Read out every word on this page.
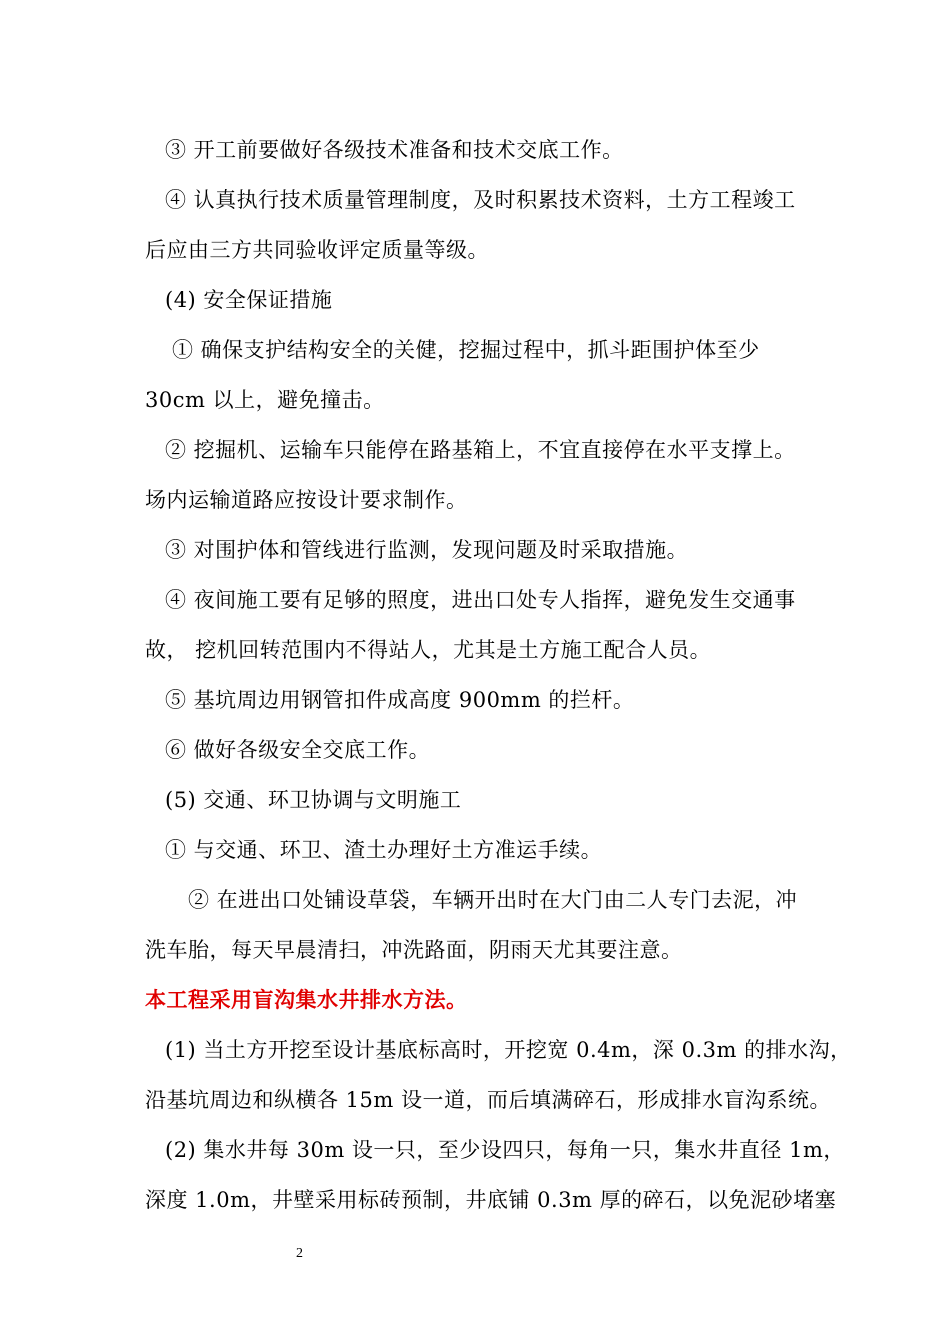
③ 开工前要做好各级技术准备和技术交底工作。
④ 认真执行技术质量管理制度，及时积累技术资料，土方工程竣工
后应由三方共同验收评定质量等级。
(4) 安全保证措施
① 确保支护结构安全的关健，挖掘过程中，抓斗距围护体至少
30cm 以上，避免撞击。
② 挖掘机、运输车只能停在路基箱上，不宜直接停在水平支撑上。
场内运输道路应按设计要求制作。
③ 对围护体和管线进行监测，发现问题及时采取措施。
④ 夜间施工要有足够的照度，进出口处专人指挥，避免发生交通事
故， 挖机回转范围内不得站人，尤其是土方施工配合人员。
⑤ 基坑周边用钢管扣件成高度 900mm 的拦杆。
⑥ 做好各级安全交底工作。
(5) 交通、环卫协调与文明施工
① 与交通、环卫、渣土办理好土方准运手续。
② 在进出口处铺设草袋，车辆开出时在大门由二人专门去泥，冲
洗车胎，每天早晨清扫，冲洗路面，阴雨天尤其要注意。
本工程采用盲沟集水井排水方法。
(1) 当土方开挖至设计基底标高时，开挖宽 0.4m，深 0.3m 的排水沟，
沿基坑周边和纵横各 15m 设一道，而后填满碎石，形成排水盲沟系统。
(2) 集水井每 30m 设一只，至少设四只，每角一只，集水井直径 1m，
深度 1.0m，井壁采用标砖预制，井底铺 0.3m 厚的碎石，以免泥砂堵塞
2
